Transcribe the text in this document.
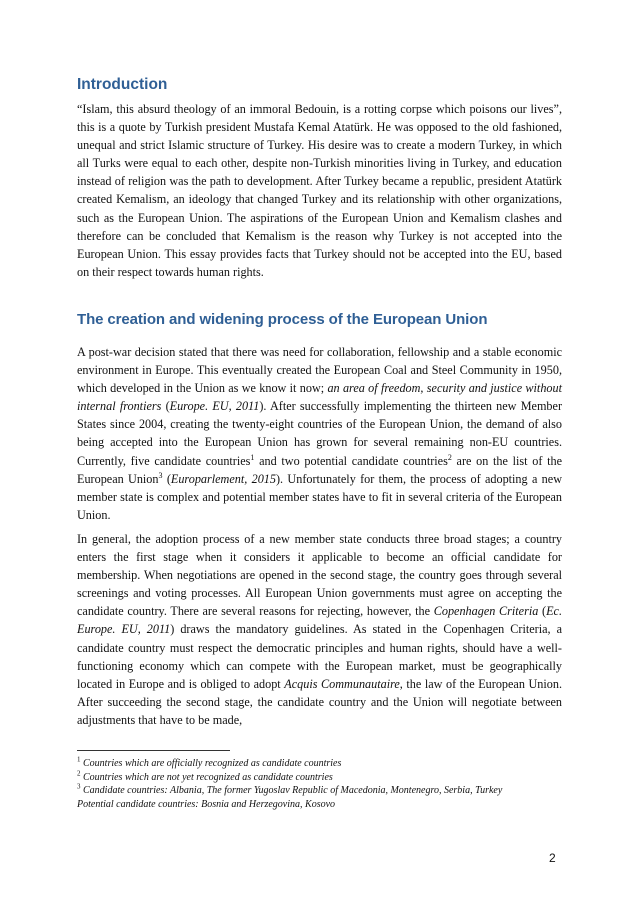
Introduction

“Islam, this absurd theology of an immoral Bedouin, is a rotting corpse which poisons our lives”, this is a quote by Turkish president Mustafa Kemal Atatürk. He was opposed to the old fashioned, unequal and strict Islamic structure of Turkey. His desire was to create a modern Turkey, in which all Turks were equal to each other, despite non-Turkish minorities living in Turkey, and education instead of religion was the path to development. After Turkey became a republic, president Atatürk created Kemalism, an ideology that changed Turkey and its relationship with other organizations, such as the European Union. The aspirations of the European Union and Kemalism clashes and therefore can be concluded that Kemalism is the reason why Turkey is not accepted into the European Union. This essay provides facts that Turkey should not be accepted into the EU, based on their respect towards human rights.

The creation and widening process of the European Union

A post-war decision stated that there was need for collaboration, fellowship and a stable economic environment in Europe. This eventually created the European Coal and Steel Community in 1950, which developed in the Union as we know it now; an area of freedom, security and justice without internal frontiers (Europe. EU, 2011). After successfully implementing the thirteen new Member States since 2004, creating the twenty-eight countries of the European Union, the demand of also being accepted into the European Union has grown for several remaining non-EU countries. Currently, five candidate countries$^1$ and two potential candidate countries$^2$ are on the list of the European Union$^3$ (Europarlement, 2015). Unfortunately for them, the process of adopting a new member state is complex and potential member states have to fit in several criteria of the European Union.

In general, the adoption process of a new member state conducts three broad stages; a country enters the first stage when it considers it applicable to become an official candidate for membership. When negotiations are opened in the second stage, the country goes through several screenings and voting processes. All European Union governments must agree on accepting the candidate country. There are several reasons for rejecting, however, the Copenhagen Criteria (Ec. Europe. EU, 2011) draws the mandatory guidelines. As stated in the Copenhagen Criteria, a candidate country must respect the democratic principles and human rights, should have a well-functioning economy which can compete with the European market, must be geographically located in Europe and is obliged to adopt Acquis Communautaire, the law of the European Union. After succeeding the second stage, the candidate country and the Union will negotiate between adjustments that have to be made,

$^1$ Countries which are officially recognized as candidate countries

$^2$ Countries which are not yet recognized as candidate countries

$^3$ Candidate countries: Albania, The former Yugoslav Republic of Macedonia, Montenegro, Serbia, Turkey

Potential candidate countries: Bosnia and Herzegovina, Kosovo

2
